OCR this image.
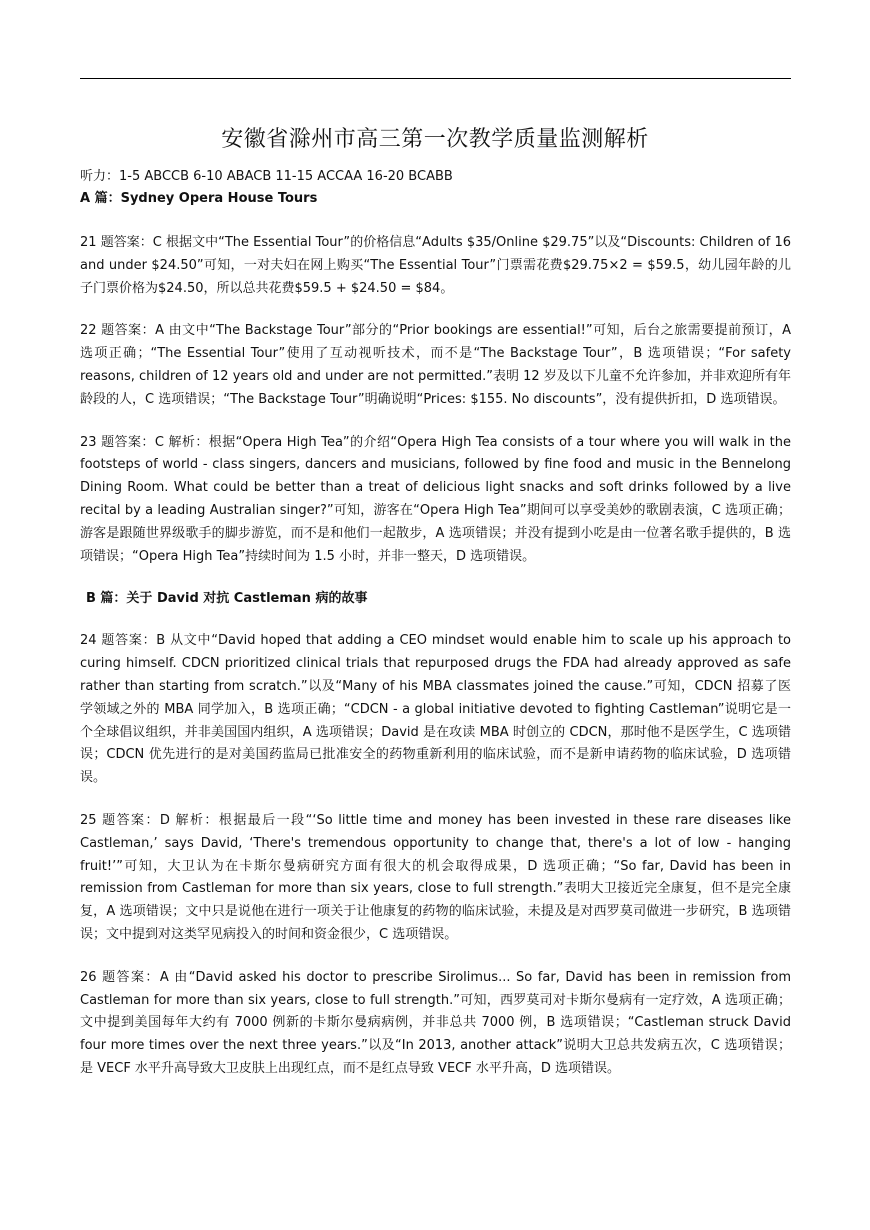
安徽省滁州市高三第一次教学质量监测解析
听力：1-5 ABCCB 6-10 ABACB 11-15 ACCAA 16-20 BCABB
A 篇：Sydney Opera House Tours

21 题答案：C 根据文中“The Essential Tour”的价格信息“Adults $35/Online $29.75”以及“Discounts: Children of 16 and under $24.50”可知，一对夫妇在网上购买“The Essential Tour”门票需花费$29.75×2 = $59.5，幼儿园年龄的儿子门票价格为$24.50，所以总共花费$59.5 + $24.50 = $84。

22 题答案：A 由文中“The Backstage Tour”部分的“Prior bookings are essential!”可知，后台之旅需要提前预订，A 选项正确；“The Essential Tour”使用了互动视听技术，而不是“The Backstage Tour”，B 选项错误；“For safety reasons, children of 12 years old and under are not permitted.”表明 12 岁及以下儿童不允许参加，并非欢迎所有年龄段的人，C 选项错误；“The Backstage Tour”明确说明“Prices: $155. No discounts”，没有提供折扣，D 选项错误。

23 题答案：C 解析：根据“Opera High Tea”的介绍“Opera High Tea consists of a tour where you will walk in the footsteps of world - class singers, dancers and musicians, followed by fine food and music in the Bennelong Dining Room. What could be better than a treat of delicious light snacks and soft drinks followed by a live recital by a leading Australian singer?”可知，游客在“Opera High Tea”期间可以享受美妙的歌剧表演，C 选项正确；游客是跟随世界级歌手的脚步游览，而不是和他们一起散步，A 选项错误；并没有提到小吃是由一位著名歌手提供的，B 选项错误；“Opera High Tea”持续时间为 1.5 小时，并非一整天，D 选项错误。

B 篇：关于 David 对抗 Castleman 病的故事

24 题答案：B 从文中“David hoped that adding a CEO mindset would enable him to scale up his approach to curing himself. CDCN prioritized clinical trials that repurposed drugs the FDA had already approved as safe rather than starting from scratch.”以及“Many of his MBA classmates joined the cause.”可知，CDCN 招募了医学领域之外的 MBA 同学加入，B 选项正确；“CDCN - a global initiative devoted to fighting Castleman”说明它是一个全球倡议组织，并非美国国内组织，A 选项错误；David 是在攻读 MBA 时创立的 CDCN，那时他不是医学生，C 选项错误；CDCN 优先进行的是对美国药监局已批准安全的药物重新利用的临床试验，而不是新申请药物的临床试验，D 选项错误。

25 题答案：D 解析：根据最后一段“‘So little time and money has been invested in these rare diseases like Castleman,’ says David, ‘There's tremendous opportunity to change that, there's a lot of low - hanging fruit!’”可知，大卫认为在卡斯尔曼病研究方面有很大的机会取得成果，D 选项正确；“So far, David has been in remission from Castleman for more than six years, close to full strength.”表明大卫接近完全康复，但不是完全康复，A 选项错误；文中只是说他在进行一项关于让他康复的药物的临床试验，未提及是对西罗莫司做进一步研究，B 选项错误；文中提到对这类罕见病投入的时间和资金很少，C 选项错误。

26 题答案：A 由“David asked his doctor to prescribe Sirolimus... So far, David has been in remission from Castleman for more than six years, close to full strength.”可知，西罗莫司对卡斯尔曼病有一定疗效，A 选项正确；文中提到美国每年大约有 7000 例新的卡斯尔曼病病例，并非总共 7000 例，B 选项错误；“Castleman struck David four more times over the next three years.”以及“In 2013, another attack”说明大卫总共发病五次，C 选项错误；是 VECF 水平升高导致大卫皮肤上出现红点，而不是红点导致 VECF 水平升高，D 选项错误。
